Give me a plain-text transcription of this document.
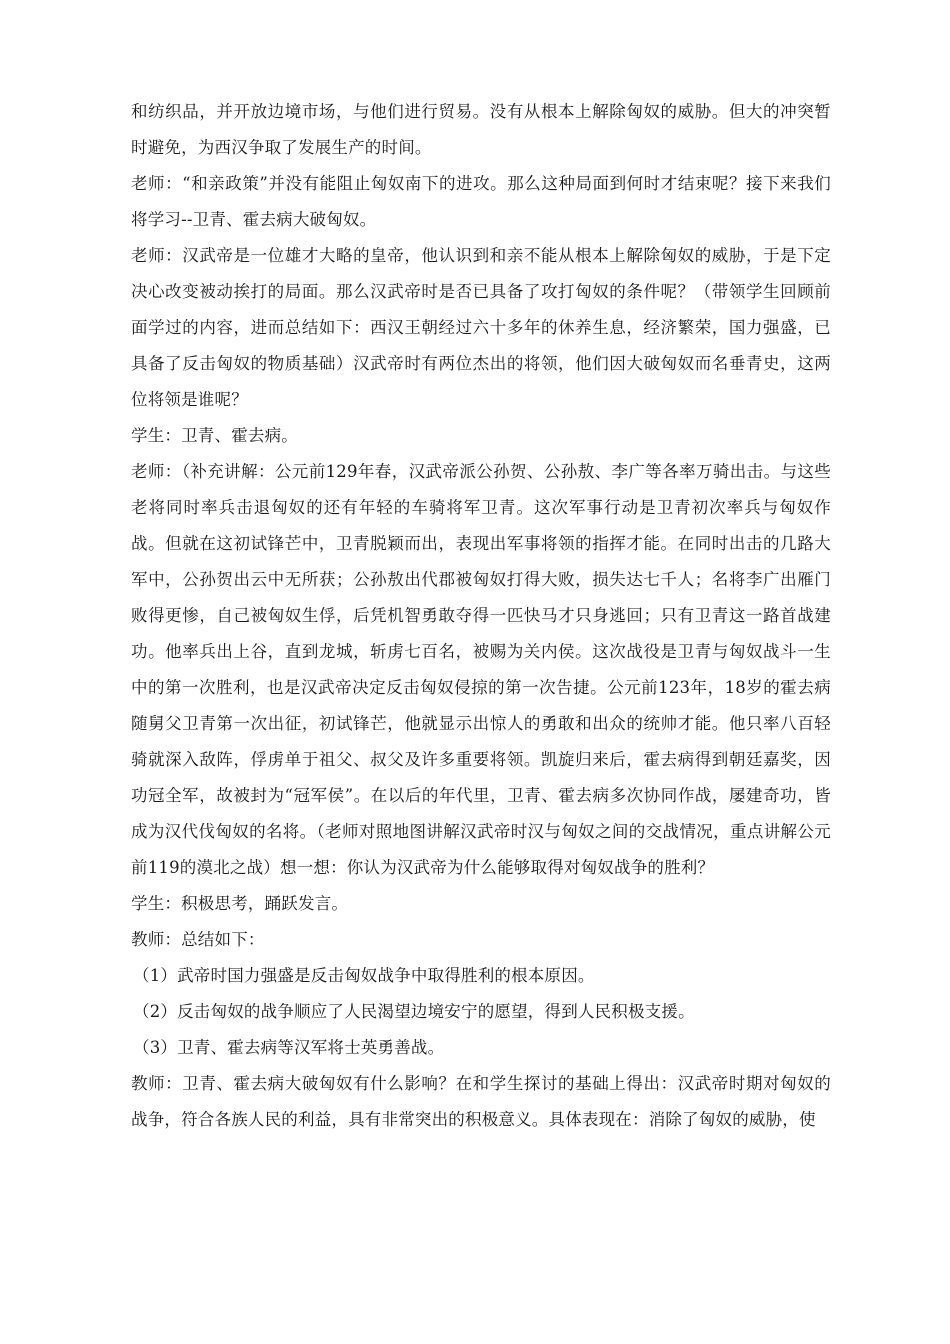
和纺织品，并开放边境市场，与他们进行贸易。没有从根本上解除匈奴的威胁。但大的冲突暂时避免，为西汉争取了发展生产的时间。

老师：“和亲政策”并没有能阻止匈奴南下的进攻。那么这种局面到何时才结束呢？接下来我们将学习--卫青、霍去病大破匈奴。

老师：汉武帝是一位雄才大略的皇帝，他认识到和亲不能从根本上解除匈奴的威胁，于是下定决心改变被动挨打的局面。那么汉武帝时是否已具备了攻打匈奴的条件呢？（带领学生回顾前面学过的内容，进而总结如下：西汉王朝经过六十多年的休养生息，经济繁荣，国力强盛，已具备了反击匈奴的物质基础）汉武帝时有两位杰出的将领，他们因大破匈奴而名垂青史，这两位将领是谁呢？

学生：卫青、霍去病。

老师：（补充讲解：公元前129年春，汉武帝派公孙贺、公孙敖、李广等各率万骑出击。与这些老将同时率兵击退匈奴的还有年轻的车骑将军卫青。这次军事行动是卫青初次率兵与匈奴作战。但就在这初试锋芒中，卫青脱颖而出，表现出军事将领的指挥才能。在同时出击的几路大军中，公孙贺出云中无所获；公孙敖出代郡被匈奴打得大败，损失达七千人；名将李广出雁门败得更惨，自己被匈奴生俘，后凭机智勇敢夺得一匹快马才只身逃回；只有卫青这一路首战建功。他率兵出上谷，直到龙城，斩虏七百名，被赐为关内侯。这次战役是卫青与匈奴战斗一生中的第一次胜利，也是汉武帝决定反击匈奴侵掠的第一次告捷。公元前123年，18岁的霍去病随舅父卫青第一次出征，初试锋芒，他就显示出惊人的勇敢和出众的统帅才能。他只率八百轻骑就深入敌阵，俘虏单于祖父、叔父及许多重要将领。凯旋归来后，霍去病得到朝廷嘉奖，因功冠全军，故被封为“冠军侯”。在以后的年代里，卫青、霍去病多次协同作战，屡建奇功，皆成为汉代伐匈奴的名将。（老师对照地图讲解汉武帝时汉与匈奴之间的交战情况，重点讲解公元前119的漠北之战）想一想：你认为汉武帝为什么能够取得对匈奴战争的胜利？

学生：积极思考，踊跃发言。

教师：总结如下：

（1）武帝时国力强盛是反击匈奴战争中取得胜利的根本原因。

（2）反击匈奴的战争顺应了人民渴望边境安宁的愿望，得到人民积极支援。

（3）卫青、霍去病等汉军将士英勇善战。

教师：卫青、霍去病大破匈奴有什么影响？在和学生探讨的基础上得出：汉武帝时期对匈奴的战争，符合各族人民的利益，具有非常突出的积极意义。具体表现在：消除了匈奴的威胁，使
